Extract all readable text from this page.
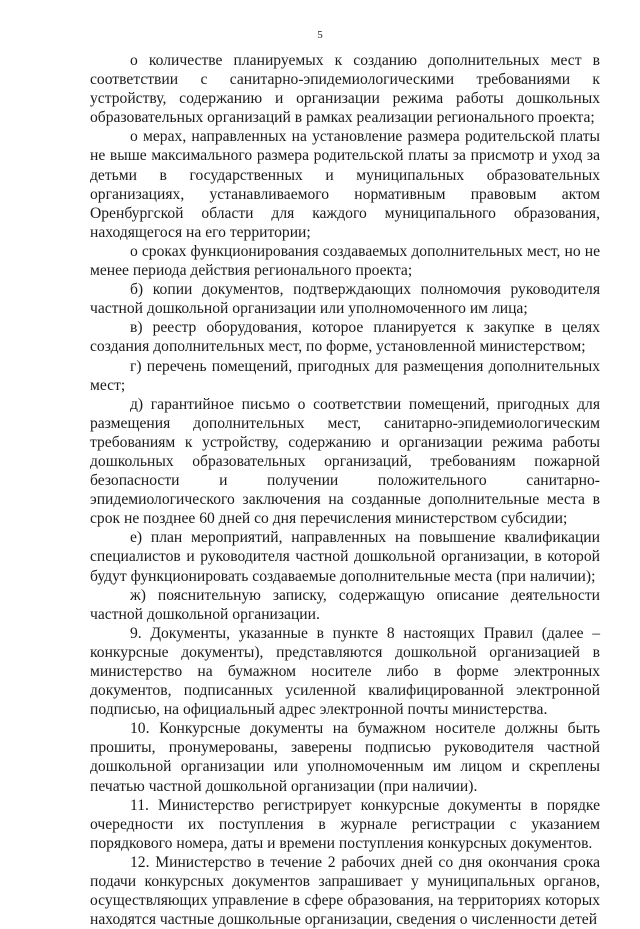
5

о количестве планируемых к созданию дополнительных мест в соответствии с санитарно-эпидемиологическими требованиями к устройству, содержанию и организации режима работы дошкольных образовательных организаций в рамках реализации регионального проекта;

о мерах, направленных на установление размера родительской платы не выше максимального размера родительской платы за присмотр и уход за детьми в государственных и муниципальных образовательных организациях, устанавливаемого нормативным правовым актом Оренбургской области для каждого муниципального образования, находящегося на его территории;

о сроках функционирования создаваемых дополнительных мест, но не менее периода действия регионального проекта;

б) копии документов, подтверждающих полномочия руководителя частной дошкольной организации или уполномоченного им лица;

в) реестр оборудования, которое планируется к закупке в целях создания дополнительных мест, по форме, установленной министерством;

г) перечень помещений, пригодных для размещения дополнительных мест;

д) гарантийное письмо о соответствии помещений, пригодных для размещения дополнительных мест, санитарно-эпидемиологическим требованиям к устройству, содержанию и организации режима работы дошкольных образовательных организаций, требованиям пожарной безопасности и получении положительного санитарно-эпидемиологического заключения на созданные дополнительные места в срок не позднее 60 дней со дня перечисления министерством субсидии;

е) план мероприятий, направленных на повышение квалификации специалистов и руководителя частной дошкольной организации, в которой будут функционировать создаваемые дополнительные места (при наличии);

ж) пояснительную записку, содержащую описание деятельности частной дошкольной организации.

9. Документы, указанные в пункте 8 настоящих Правил (далее – конкурсные документы), представляются дошкольной организацией в министерство на бумажном носителе либо в форме электронных документов, подписанных усиленной квалифицированной электронной подписью, на официальный адрес электронной почты министерства.

10. Конкурсные документы на бумажном носителе должны быть прошиты, пронумерованы, заверены подписью руководителя частной дошкольной организации или уполномоченным им лицом и скреплены печатью частной дошкольной организации (при наличии).

11. Министерство регистрирует конкурсные документы в порядке очередности их поступления в журнале регистрации с указанием порядкового номера, даты и времени поступления конкурсных документов.

12. Министерство в течение 2 рабочих дней со дня окончания срока подачи конкурсных документов запрашивает у муниципальных органов, осуществляющих управление в сфере образования, на территориях которых находятся частные дошкольные организации, сведения о численности детей
